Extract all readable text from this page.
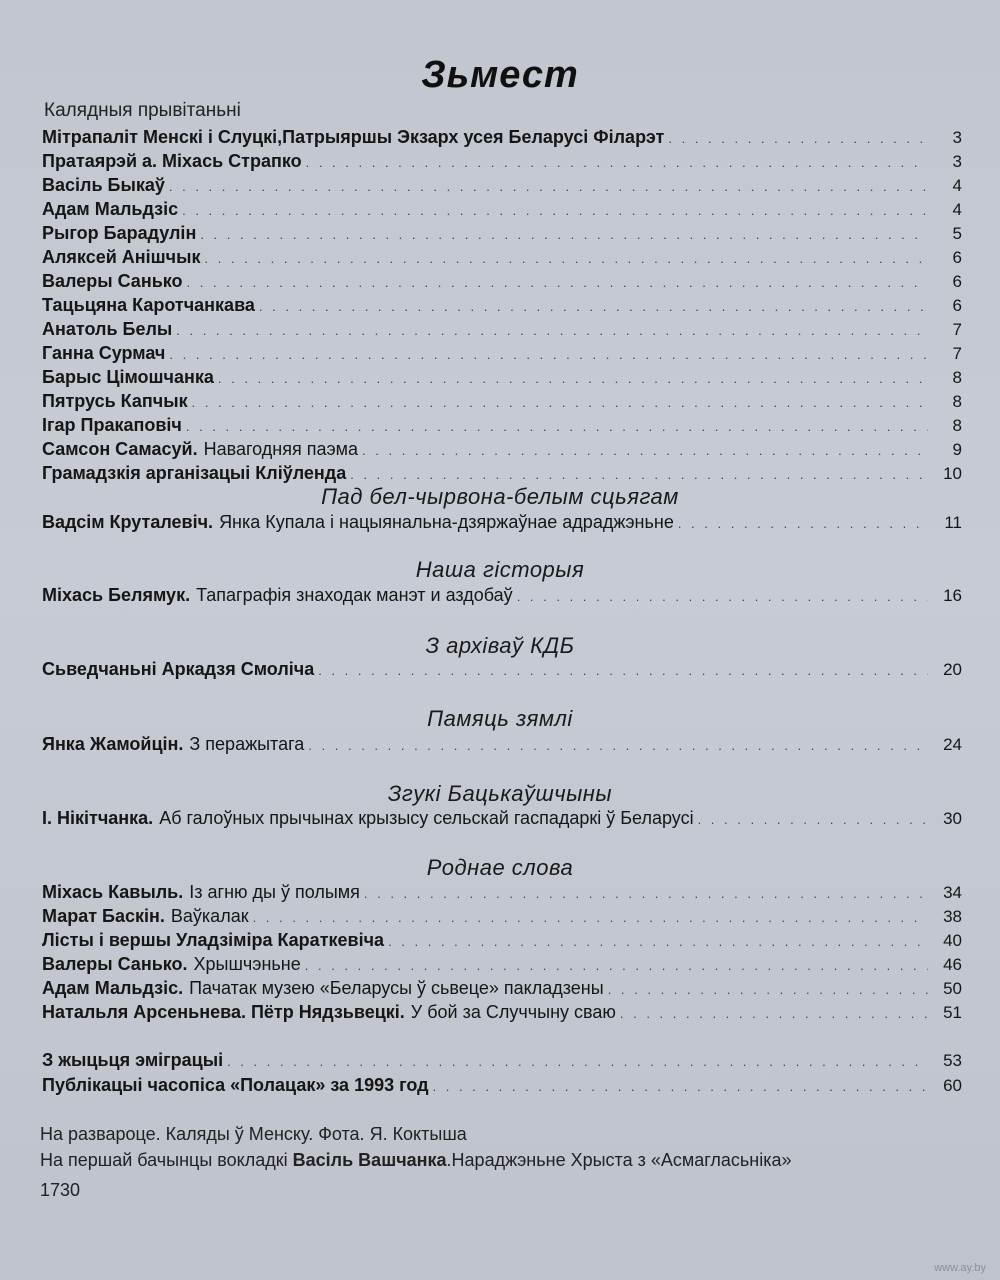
Зьмест
Калядныя прывітаньні
Мітрапаліт Менскі і Слуцкі,Патрыяршы Экзарх усея Беларусі Філарэт . . .	3
Пратаярэй а. Міхась Страпко . . .	3
Васіль Быкаў . . .	4
Адам Мальдзіс . . .	4
Рыгор Барадулін . . .	5
Аляксей Анішчык . . .	6
Валеры Санько . . .	6
Тацьцяна Каротчанкава . . .	6
Анатоль Белы . . .	7
Ганна Сурмач . . .	7
Барыс Цімошчанка . . .	8
Пятрусь Капчык . . .	8
Ігар Пракаповіч . . .	8
Самсон Самасуй. Навагодняя паэма . . .	9
Грамадзкія арганізацыі Кліўленда . . .	10
Пад бел-чырвона-белым сцьягам
Вадсім Круталевіч. Янка Купала і нацыянальна-дзяржаўнае адраджэньне . . .	11
Наша гісторыя
Міхась Белямук. Тапаграфія знаходак манэт и аздобаў . . .	16
З архіваў КДБ
Сьведчаньні Аркадзя Смоліча . . .	20
Памяць зямлі
Янка Жамойцін. З перажытага . . .	24
Згукі Бацькаўшчыны
І. Нікітчанка. Аб галоўных прычынах крызысу сельскай гаспадаркі ў Беларусі . . .	30
Роднае слова
Міхась Кавыль. Із агню ды ў полымя . . .	34
Марат Баскін. Ваўкалак . . .	38
Лісты і вершы Уладзіміра Караткевіча . . .	40
Валеры Санько. Хрышчэньне . . .	46
Адам Мальдзіс. Пачатак музею «Беларусы ў сьвеце» пакладзены . . .	50
Натальля Арсеньнева. Пётр Нядзьвецкі. У бой за Случчыну сваю . . .	51
З жыцьця эміграцыі . . .	53
Публікацыі часопіса «Полацак» за 1993 год . . .	60
На развароце. Каляды ў Менску. Фота. Я. Коктыша
На першай бачынцы вокладкі Васіль Вашчанка.Нараджэньне Хрыста з «Асмагласьніка»
1730
www.ay.by
